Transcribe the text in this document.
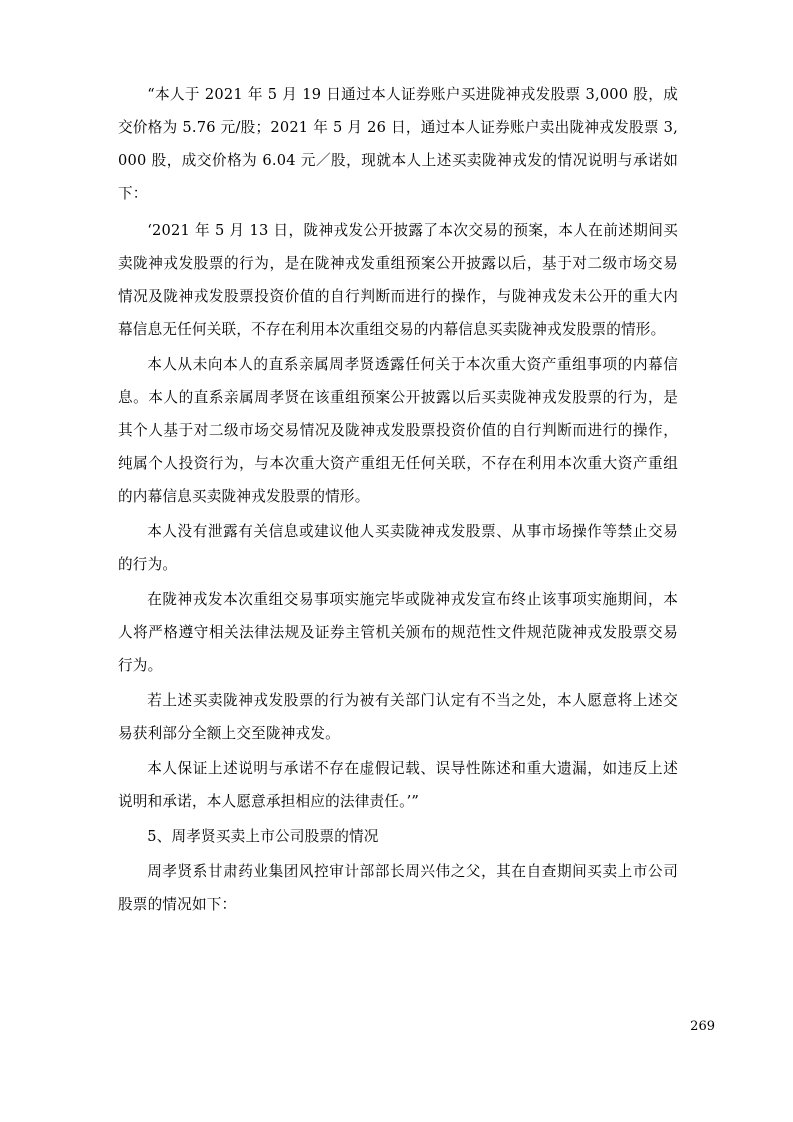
“本人于 2021 年 5 月 19 日通过本人证券账户买进陇神戎发股票 3,000 股，成交价格为 5.76 元/股；2021 年 5 月 26 日，通过本人证券账户卖出陇神戎发股票 3,000 股，成交价格为 6.04 元／股，现就本人上述买卖陇神戎发的情况说明与承诺如下：

‘2021 年 5 月 13 日，陇神戎发公开披露了本次交易的预案，本人在前述期间买卖陇神戎发股票的行为，是在陇神戎发重组预案公开披露以后，基于对二级市场交易情况及陇神戎发股票投资价值的自行判断而进行的操作，与陇神戎发未公开的重大内幕信息无任何关联，不存在利用本次重组交易的内幕信息买卖陇神戎发股票的情形。

本人从未向本人的直系亲属周孝贤透露任何关于本次重大资产重组事项的内幕信息。本人的直系亲属周孝贤在该重组预案公开披露以后买卖陇神戎发股票的行为，是其个人基于对二级市场交易情况及陇神戎发股票投资价值的自行判断而进行的操作，纯属个人投资行为，与本次重大资产重组无任何关联，不存在利用本次重大资产重组的内幕信息买卖陇神戎发股票的情形。

本人没有泄露有关信息或建议他人买卖陇神戎发股票、从事市场操作等禁止交易的行为。

在陇神戎发本次重组交易事项实施完毕或陇神戎发宣布终止该事项实施期间，本人将严格遵守相关法律法规及证券主管机关颁布的规范性文件规范陇神戎发股票交易行为。

若上述买卖陇神戎发股票的行为被有关部门认定有不当之处，本人愿意将上述交易获利部分全额上交至陇神戎发。

本人保证上述说明与承诺不存在虚假记载、误导性陈述和重大遗漏，如违反上述说明和承诺，本人愿意承担相应的法律责任。’”

5、周孝贤买卖上市公司股票的情况

周孝贤系甘肃药业集团风控审计部部长周兴伟之父，其在自查期间买卖上市公司股票的情况如下：

269
